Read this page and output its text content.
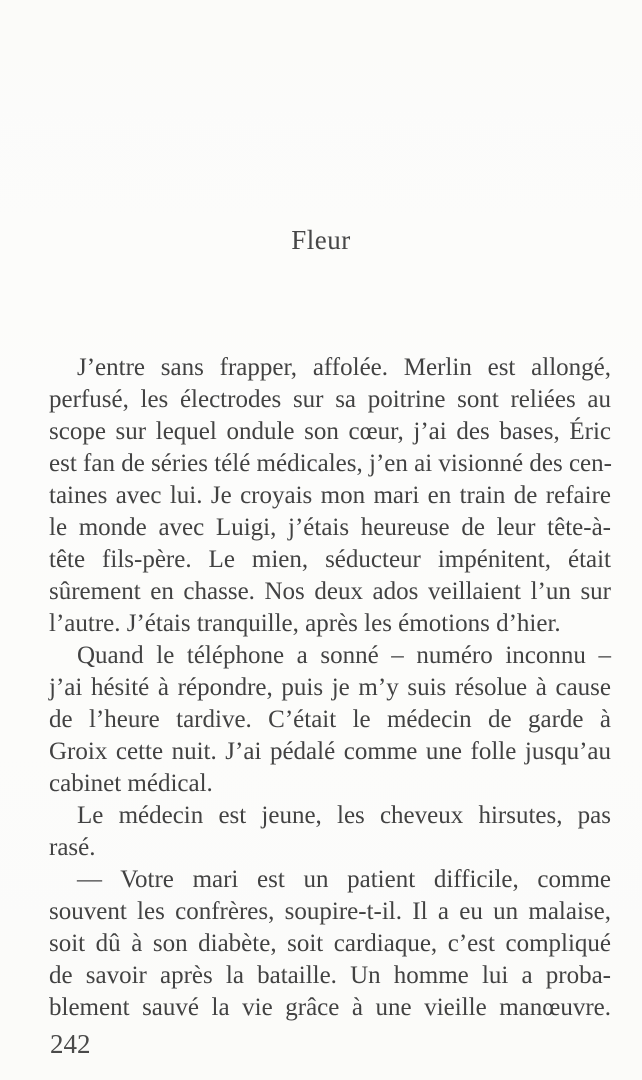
Fleur
J’entre sans frapper, affolée. Merlin est allongé,
perfusé, les électrodes sur sa poitrine sont reliées au
scope sur lequel ondule son cœur, j’ai des bases, Éric
est fan de séries télé médicales, j’en ai visionné des cen-
taines avec lui. Je croyais mon mari en train de refaire
le monde avec Luigi, j’étais heureuse de leur tête-à-
tête fils-père. Le mien, séducteur impénitent, était
sûrement en chasse. Nos deux ados veillaient l’un sur
l’autre. J’étais tranquille, après les émotions d’hier.
Quand le téléphone a sonné – numéro inconnu –
j’ai hésité à répondre, puis je m’y suis résolue à cause
de l’heure tardive. C’était le médecin de garde à
Groix cette nuit. J’ai pédalé comme une folle jusqu’au
cabinet médical.
Le médecin est jeune, les cheveux hirsutes, pas
rasé.
— Votre mari est un patient difficile, comme
souvent les confrères, soupire-t-il. Il a eu un malaise,
soit dû à son diabète, soit cardiaque, c’est compliqué
de savoir après la bataille. Un homme lui a proba-
blement sauvé la vie grâce à une vieille manœuvre.
242
